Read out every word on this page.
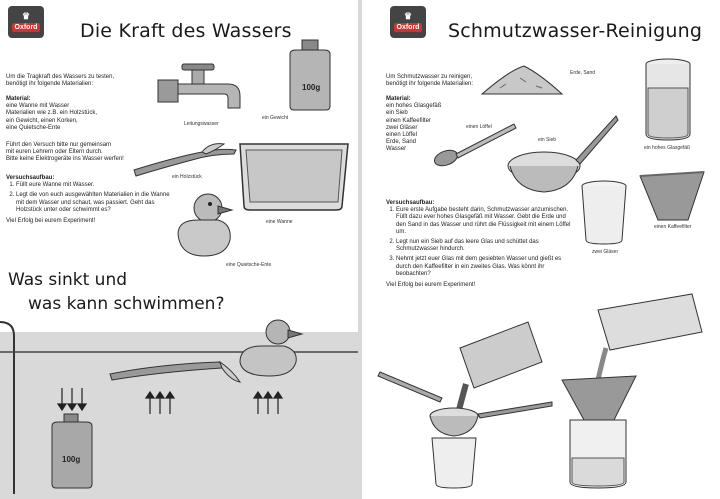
♛
Oxford Die Kraft des Wassers
Um die Tragkraft des Wassers zu testen,
benötigt ihr folgende Materialien:
Material:
eine Wanne mit Wasser
Materialien wie z.B. ein Holzstück,
ein Gewicht, einen Korken,
eine Quietsche-Ente
Führt den Versuch bitte nur gemeinsam
mit euren Lehrern oder Eltern durch.
Bitte keine Elektrogeräte ins Wasser werfen!
Versuchsaufbau:
1. Füllt eure Wanne mit Wasser.
2. Legt die von euch ausgewählten Materialien in die Wanne mit dem Wasser und schaut, was passiert. Geht das Holzstück unter oder schwimmt es?
Viel Erfolg bei eurem Experiment!
Leitungswasser
100g
ein Gewicht
ein Holzstück
eine Wanne
eine Quietsche-Ente
Was sinkt und
was kann schwimmen?
100g
♛
Oxford Schmutzwasser-Reinigung
Um Schmutzwasser zu reinigen,
benötigt ihr folgende Materialien:
Material:
ein hohes Glasgefäß
ein Sieb
einen Kaffeefilter
zwei Gläser
einen Löffel
Erde, Sand
Wasser
Versuchsaufbau:
1. Eure erste Aufgabe besteht darin, Schmutzwasser anzumischen. Füllt dazu ever hohes Glasgefäß mit Wasser. Gebt die Erde und den Sand in das Wasser und rührt die Flüssigkeit mit einem Löffel um.
2. Legt nun ein Sieb auf das leere Glas und schüttet das Schmutzwasser hindurch.
3. Nehmt jetzt euer Glas mit dem gesiebten Wasser und gießt es durch den Kaffeefilter in ein zweites Glas. Was könnt ihr beobachten?
Viel Erfolg bei eurem Experiment!
Erde, Sand
einen Löffel
ein Sieb
ein hohes Glasgefäß
zwei Gläser
einen Kaffeefilter
